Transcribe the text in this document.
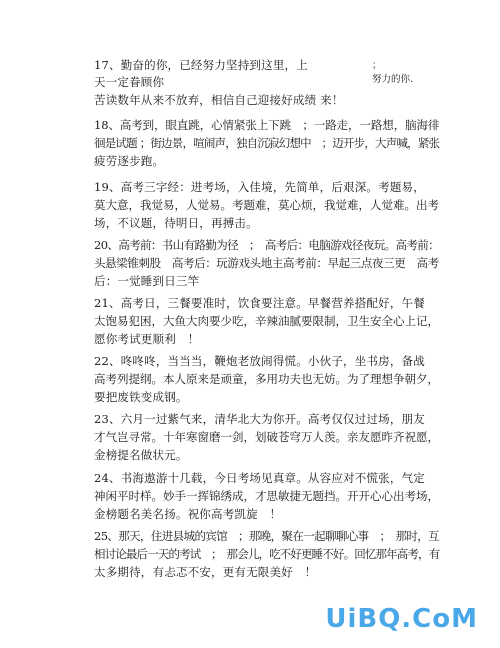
17、勤奋的你，已经努力坚持到这里，上
天一定眷顾你
苦读数年从来不放弃，相信自己迎接好成绩 来！
；
努力的你.
18、高考到，眼直跳，心情紧张上下跳　；一路走，一路想，脑海徘
徊是试题 ；街边景，喧闹声，独自沉寂幻想中　；迈开步，大声喊，紧张
疲劳逐步跑。
19、高考三字经：进考场，入佳境，先简单，后艰深。考题易，
莫大意，我觉易，人觉易。考题难，莫心烦，我觉难，人觉难。出考
场，不议题，待明日，再搏击。
20、高考前：书山有路勤为径　；　高考后：电脑游戏径夜玩。高考前：
头悬梁锥刺股　高考后：玩游戏头地主高考前：早起三点夜三更　高考
后：一觉睡到日三竿
21、高考日，三餐要准时，饮食要注意。早餐营养搭配好，午餐
太饱易犯困，大鱼大肉要少吃，辛辣油腻要限制，卫生安全心上记，
愿你考试更顺利　！
22、咚咚咚，当当当，鞭炮老放闹得慌。小伙子，坐书房，备战
高考列提纲。本人原来是顽童，多用功夫也无妨。为了理想争朝夕，
要把废铁变成钢。
23、六月一过紫气来，清华北大为你开。高考仅仅过过场，朋友
才气岂寻常。十年寒窗磨一剑，划破苍穹万人羡。亲友愿昨齐祝愿，
金榜提名做状元。
24、书海遨游十几载，今日考场见真章。从容应对不慌张，气定
神闲平时样。妙手一挥锦绣成，才思敏捷无题挡。开开心心出考场，
金榜题名美名扬。祝你高考凯旋　！
25、那天，住进县城的宾馆　；那晚，聚在一起聊聊心事　；　那时，互
相讨论最后一天的考试　；　那会儿，吃不好更睡不好。回忆那年高考，有
太多期待，有忐忑不安，更有无限美好　！
UiBQ.CoM
